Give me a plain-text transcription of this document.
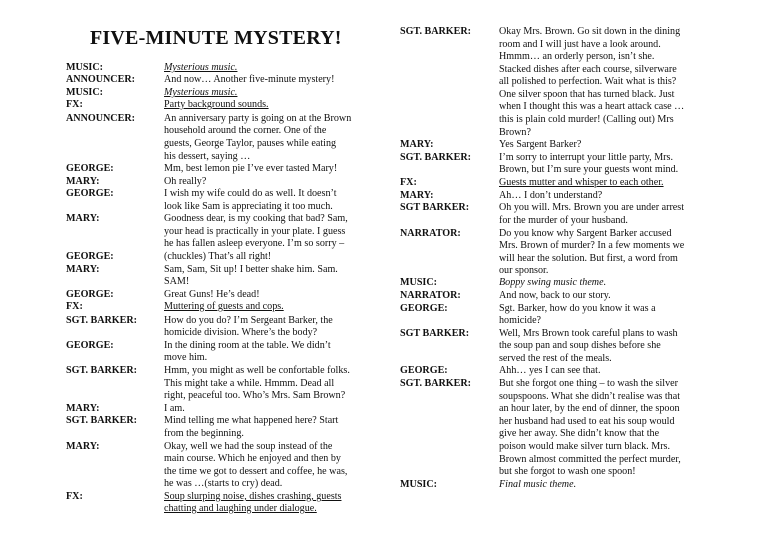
FIVE-MINUTE MYSTERY!
MUSIC:	Mysterious music.
ANNOUNCER:	And now… Another five-minute mystery!
MUSIC:	Mysterious music.
FX:	Party background sounds.
ANNOUNCER:	An anniversary party is going on at the Brown
household around the corner. One of the
guests, George Taylor, pauses while eating
his dessert, saying …
GEORGE:	Mm, best lemon pie I’ve ever tasted Mary!
MARY:	Oh really?
GEORGE:	I wish my wife could do as well. It doesn’t
look like Sam is appreciating it too much.
MARY:	Goodness dear, is my cooking that bad? Sam,
your head is practically in your plate. I guess
he has fallen asleep everyone. I’m so sorry –
GEORGE:	(chuckles) That’s all right!
MARY:	Sam, Sam, Sit up! I better shake him. Sam.
SAM!
GEORGE:	Great Guns! He’s dead!
FX:	Muttering of guests and cops.
SGT. BARKER:	How do you do? I’m Sergeant Barker, the
homicide division. Where’s the body?
GEORGE:	In the dining room at the table. We didn’t
move him.
SGT. BARKER:	Hmm, you might as well be confortable folks.
This might take a while. Hmmm. Dead all
right, peaceful too. Who’s Mrs. Sam Brown?
MARY:	I am.
SGT. BARKER:	Mind telling me what happened here? Start
from the beginning.
MARY:	Okay, well we had the soup instead of the
main course. Which he enjoyed and then by
the time we got to dessert and coffee, he was,
he was …(starts to cry) dead.
FX:	Soup slurping noise, dishes crashing, guests
chatting and laughing under dialogue.
SGT. BARKER:	Okay Mrs. Brown. Go sit down in the dining
room and I will just have a look around.
Hmmm… an orderly person, isn’t she.
Stacked dishes after each course, silverware
all polished to perfection. Wait what is this?
One silver spoon that has turned black. Just
when I thought this was a heart attack case …
this is plain cold murder! (Calling out) Mrs
Brown?
MARY:	Yes Sargent Barker?
SGT. BARKER:	I’m sorry to interrupt your little party, Mrs.
Brown, but I’m sure your guests wont mind.
FX:	Guests mutter and whisper to each other.
MARY:	Ah… I don’t understand?
SGT BARKER:	Oh you will. Mrs. Brown you are under arrest
for the murder of your husband.
NARRATOR:	Do you know why Sargent Barker accused
Mrs. Brown of murder? In a few moments we
will hear the solution. But first, a word from
our sponsor.
MUSIC:	Boppy swing music theme.
NARRATOR:	And now, back to our story.
GEORGE:	Sgt. Barker, how do you know it was a
homicide?
SGT BARKER:	Well, Mrs Brown took careful plans to wash
the soup pan and soup dishes before she
served the rest of the meals.
GEORGE:	Ahh… yes I can see that.
SGT. BARKER:	But she forgot one thing – to wash the silver
soupspoons. What she didn’t realise was that
an hour later, by the end of dinner, the spoon
her husband had used to eat his soup would
give her away. She didn’t know that the
poison would make silver turn black. Mrs.
Brown almost committed the perfect murder,
but she forgot to wash one spoon!
MUSIC:	Final music theme.
